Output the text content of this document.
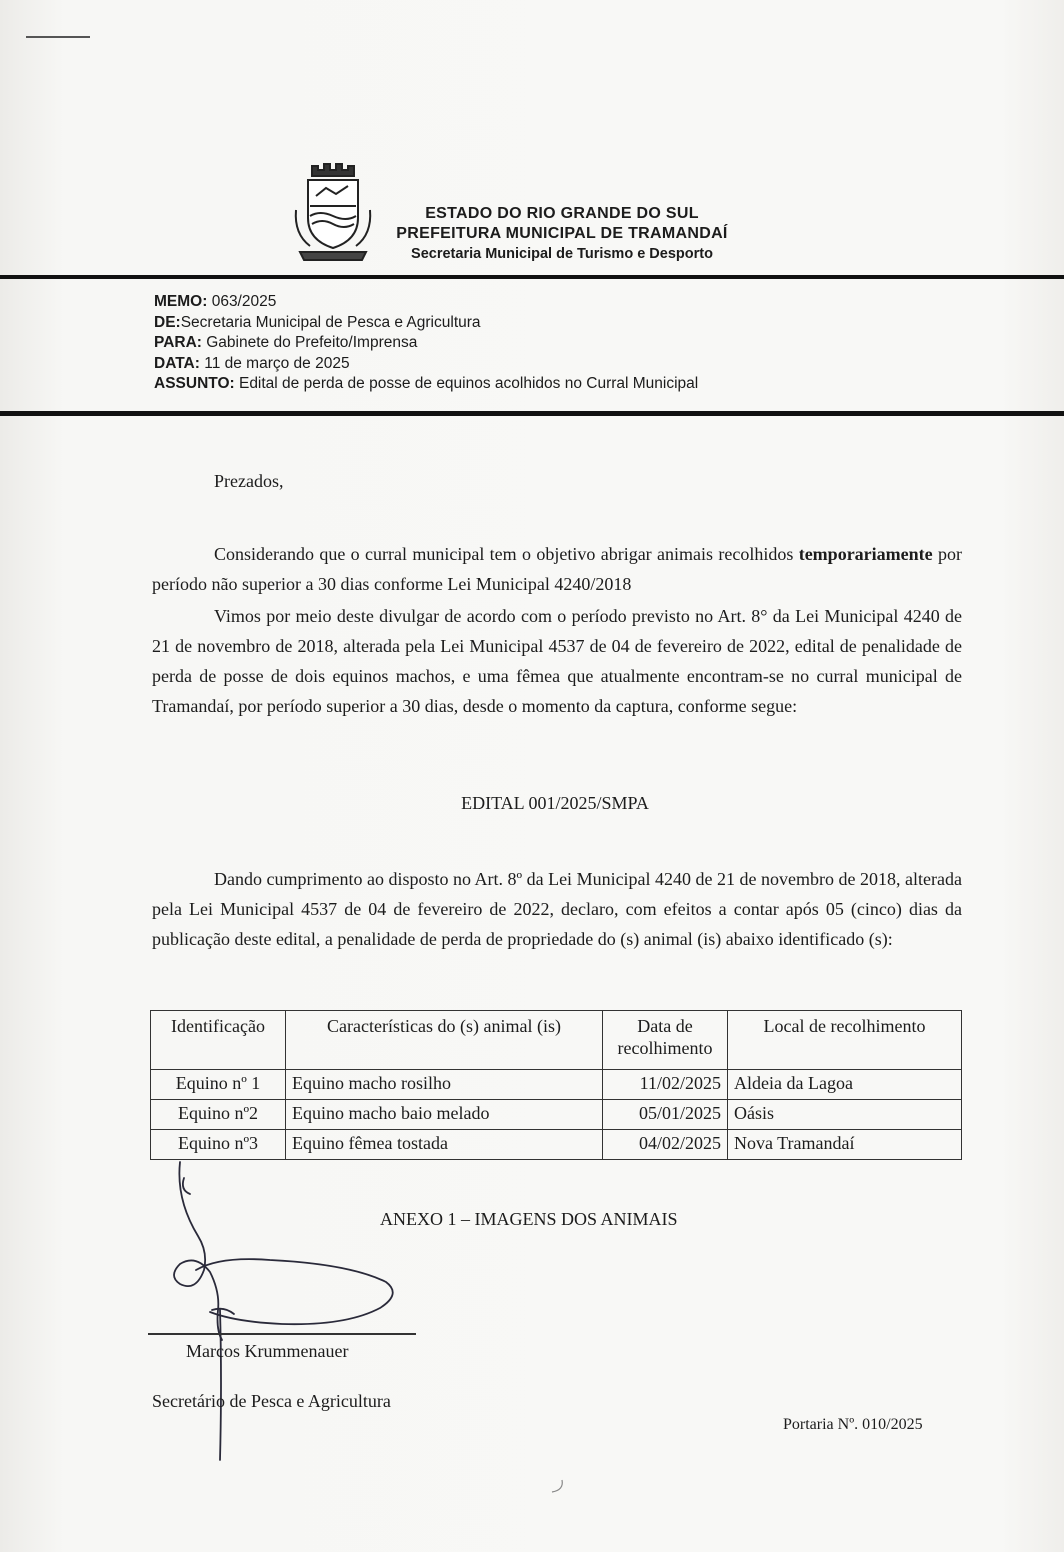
ESTADO DO RIO GRANDE DO SUL
PREFEITURA MUNICIPAL DE TRAMANDAÍ
Secretaria Municipal de Turismo e Desporto
MEMO: 063/2025
DE:Secretaria Municipal de Pesca e Agricultura
PARA: Gabinete do Prefeito/Imprensa
DATA: 11 de março de 2025
ASSUNTO: Edital de perda de posse de equinos acolhidos no Curral Municipal
Prezados,
Considerando que o curral municipal tem o objetivo abrigar animais recolhidos temporariamente por período não superior a 30 dias conforme Lei Municipal 4240/2018
Vimos por meio deste divulgar de acordo com o período previsto no Art. 8° da Lei Municipal 4240 de 21 de novembro de 2018, alterada pela Lei Municipal 4537 de 04 de fevereiro de 2022, edital de penalidade de perda de posse de dois equinos machos, e uma fêmea que atualmente encontram-se no curral municipal de Tramandaí, por período superior a 30 dias, desde o momento da captura, conforme segue:
EDITAL 001/2025/SMPA
Dando cumprimento ao disposto no Art. 8º da Lei Municipal 4240 de 21 de novembro de 2018, alterada pela Lei Municipal 4537 de 04 de fevereiro de 2022, declaro, com efeitos a contar após 05 (cinco) dias da publicação deste edital, a penalidade de perda de propriedade do (s) animal (is) abaixo identificado (s):
Identificação	Características do (s) animal (is)	Data de recolhimento	Local de recolhimento
Equino nº 1	Equino macho rosilho	11/02/2025	Aldeia da Lagoa
Equino nº2	Equino macho baio melado	05/01/2025	Oásis
Equino nº3	Equino fêmea tostada	04/02/2025	Nova Tramandaí
ANEXO 1 – IMAGENS DOS ANIMAIS
Marcos Krummenauer
Secretário de Pesca e Agricultura
Portaria Nº. 010/2025
